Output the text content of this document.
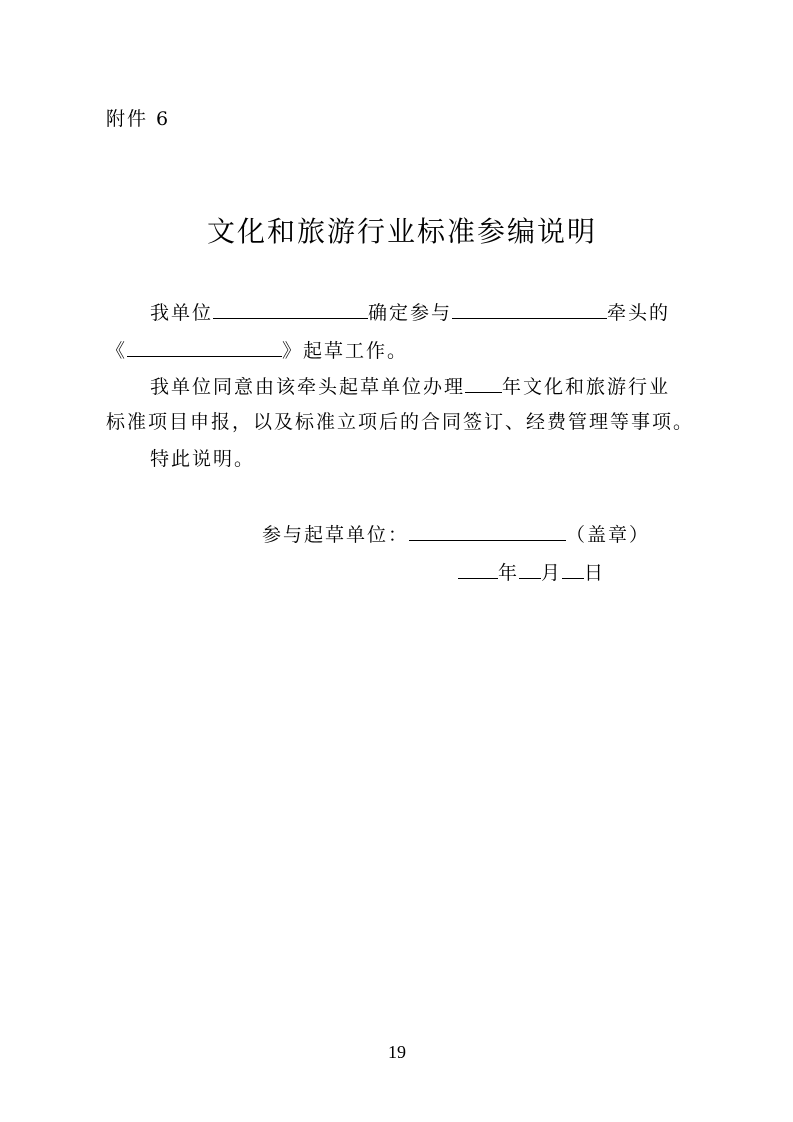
附件 6
文化和旅游行业标准参编说明
我单位	确定参与	牵头的
《	》起草工作。
我单位同意由该牵头起草单位办理 年文化和旅游行业
标准项目申报，以及标准立项后的合同签订、经费管理等事项。
特此说明。
参与起草单位：	（盖章）
年 月 日
19
